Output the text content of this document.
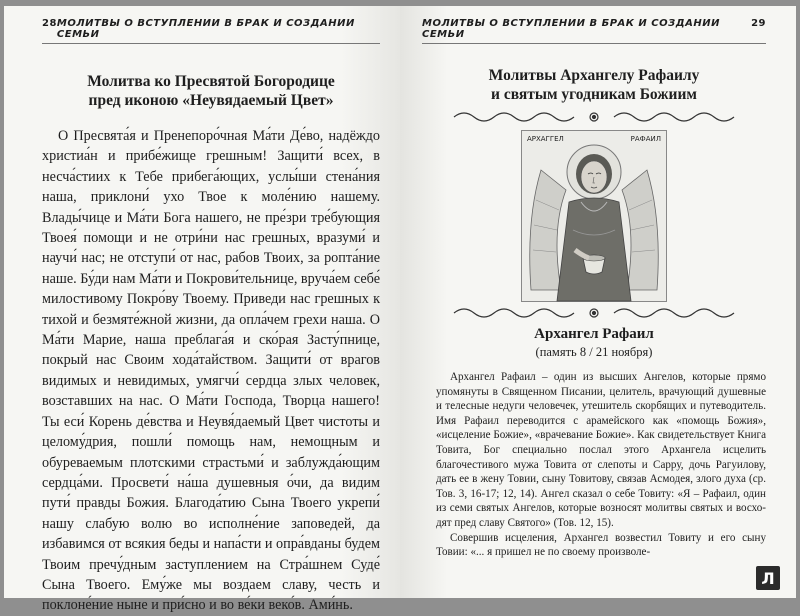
28 МОЛИТВЫ О ВСТУПЛЕНИИ В БРАК И СОЗДАНИИ СЕМЬИ
Молитва ко Пресвятой Богородице
пред иконою «Неувядаемый Цвет»

О Пресвята́я и Пренепоро́чная Ма́ти Де́во, надёждо христиа́н и прибе́жище грешным! Защити́ всех, в несча́стиих к Тебе прибега́ющих, услы́ши стена́ния наша, приклони́ ухо Твое к моле́нию нашему. Влады́чице и Ма́ти Бога нашего, не пре́зри тре́бующия Твоея́ помощи и не отри́ни нас грешных, вразуми́ и научи́ нас; не отступи́ от нас, рабов Твоих, за ропта́ние наше. Бу́ди нам Ма́ти и Покрови́тельнице, вруча́ем себе́ милостивому Покро́ву Твоему. Приведи нас грешных к тихой и безмяте́жной жизни, да опла́чем грехи наша. О Ма́ти Марие, наша преблага́я и ско́рая Засту́пнице, покрый нас Своим хода́тайством. Защити́ от врагов видимых и невидимых, умягчи́ сердца злых человек, возставших на нас. О Ма́ти Господа, Творца нашего! Ты еси́ Корень де́вства и Неувя́даемый Цвет чистоты и целому́дрия, пошли́ помощь нам, немощным и обуреваемым плотскими страстьми́ и заблужда́ющим сердца́ми. Просвети́ на́ша душевныя о́чи, да видим пути́ правды Божия. Благода́тию Сына Твоего укрепи́ нашу слабую волю во исполне́ние заповедей, да избавимся от всякия беды и напа́сти и опра́вданы будем Твоим пречу́дным заступлением на Стра́шнем Суде́ Сына Твоего. Ему́же мы воздаем славу, честь и поклоне́ние ныне и при́сно и во ве́ки веко́в. Ами́нь.

МОЛИТВЫ О ВСТУПЛЕНИИ В БРАК И СОЗДАНИИ СЕМЬИ
29
Молитвы Архангелу Рафаилу
и святым угодникам Божиим
АРХАГГЕЛ	РАФАИЛ
Архангел Рафаил
(память 8 / 21 ноября)

Архангел Рафаил – один из высших Ангелов, которые прямо упомянуты в Священном Писании, целитель, врачующий душевные и телесные недуги человечек, утешитель скорбящих и путеводитель. Имя Рафаил переводится с арамейского как «помощь Божия», «исцеление Божие», «врачевание Божие». Как свидетельствует Книга Товита, Бог специально послал этого Архангела исцелить благочестивого мужа Товита от слепоты и Сарру, дочь Рагуилову, дать ее в жену Товии, сыну Товитову, связав Асмодея, злого духа (ср. Тов. 3, 16-17; 12, 14). Ангел сказал о себе Товиту: «Я – Рафаил, один из семи святых Ангелов, которые возносят молитвы святых и восходят пред славу Святого» (Тов. 12, 15).

Совершив исцеления, Архангел возвестил Товиту и его сыну Товии: «... я пришел не по своему произволе-

Л
